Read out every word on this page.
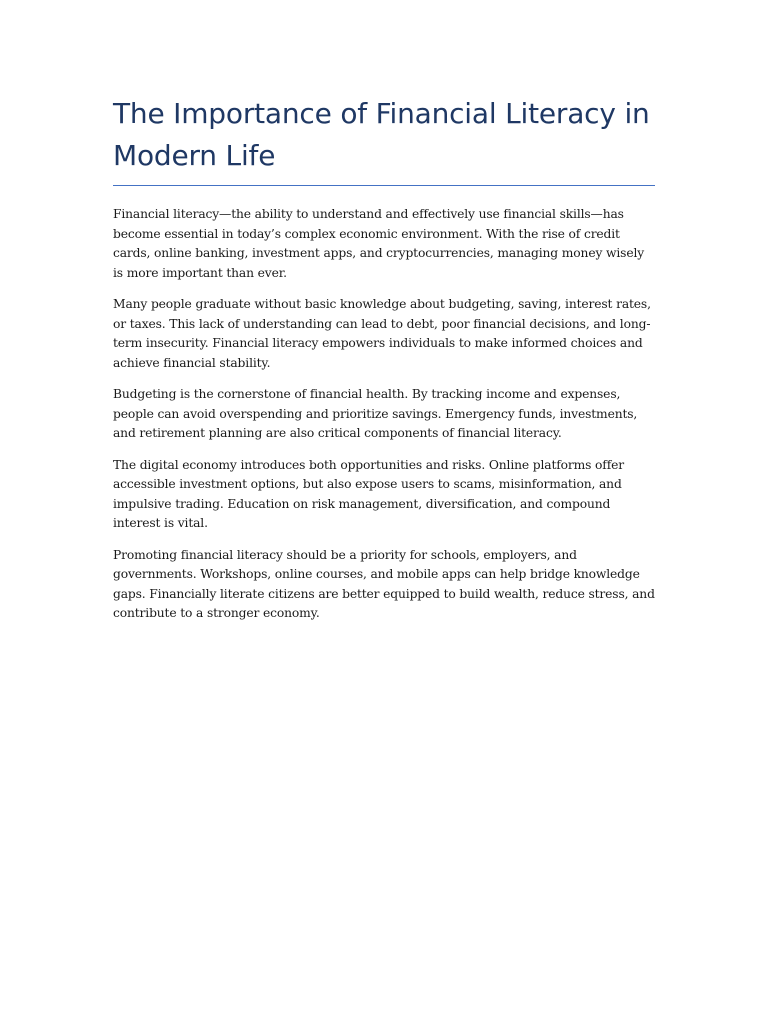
The Importance of Financial Literacy in Modern Life

Financial literacy—the ability to understand and effectively use financial skills—has become essential in today’s complex economic environment. With the rise of credit cards, online banking, investment apps, and cryptocurrencies, managing money wisely is more important than ever.

Many people graduate without basic knowledge about budgeting, saving, interest rates, or taxes. This lack of understanding can lead to debt, poor financial decisions, and long-term insecurity. Financial literacy empowers individuals to make informed choices and achieve financial stability.

Budgeting is the cornerstone of financial health. By tracking income and expenses, people can avoid overspending and prioritize savings. Emergency funds, investments, and retirement planning are also critical components of financial literacy.

The digital economy introduces both opportunities and risks. Online platforms offer accessible investment options, but also expose users to scams, misinformation, and impulsive trading. Education on risk management, diversification, and compound interest is vital.

Promoting financial literacy should be a priority for schools, employers, and governments. Workshops, online courses, and mobile apps can help bridge knowledge gaps. Financially literate citizens are better equipped to build wealth, reduce stress, and contribute to a stronger economy.
